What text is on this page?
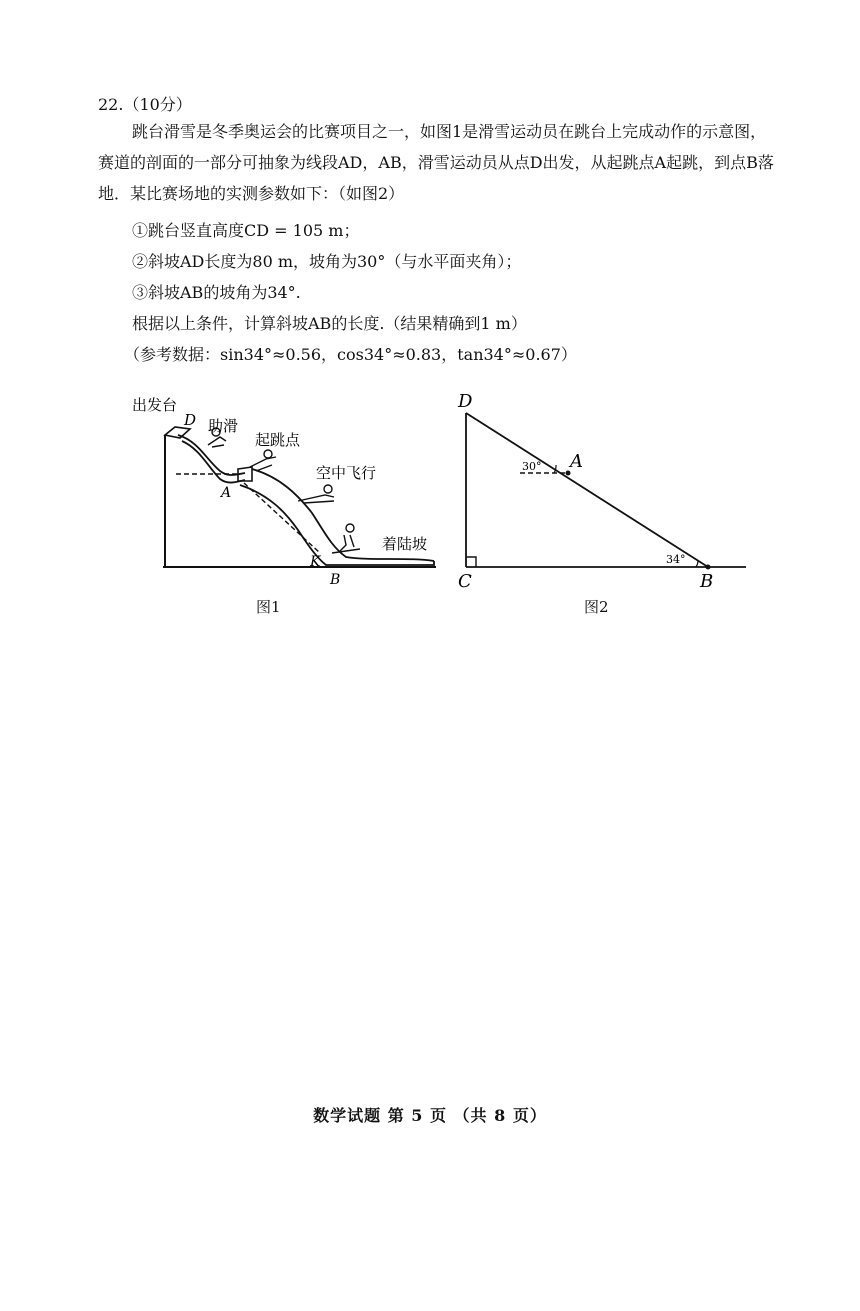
22.（10分）

跳台滑雪是冬季奥运会的比赛项目之一，如图1是滑雪运动员在跳台上完成动作的示意图，赛道的剖面的一部分可抽象为线段AD，AB，滑雪运动员从点D出发，从起跳点A起跳，到点B落地．某比赛场地的实测参数如下：（如图2）

①跳台竖直高度CD = 105 m；
②斜坡AD长度为80 m，坡角为30°（与水平面夹角）；
③斜坡AB的坡角为34°.
根据以上条件，计算斜坡AB的长度.（结果精确到1 m）
（参考数据：sin34°≈0.56，cos34°≈0.83，tan34°≈0.67）
出发台
D 助滑
起跳点
空中飞行
A
着陆坡
K
B
图1
D
A
C	B
30°
34°
图2
数学试题 第 5 页 （共 8 页）
